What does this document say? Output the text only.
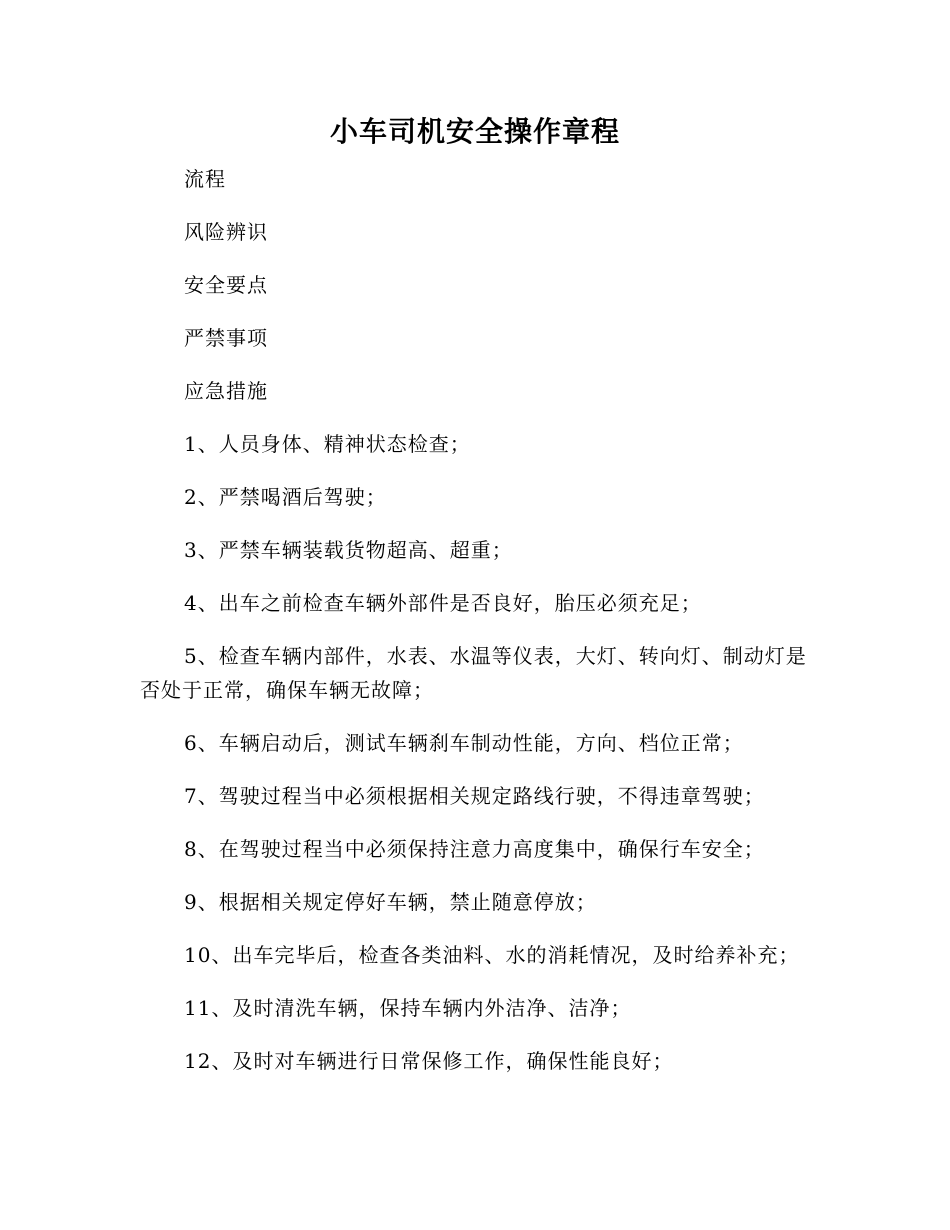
小车司机安全操作章程

流程

风险辨识

安全要点

严禁事项

应急措施

1、人员身体、精神状态检查；

2、严禁喝酒后驾驶；

3、严禁车辆装载货物超高、超重；

4、出车之前检查车辆外部件是否良好，胎压必须充足；

5、检查车辆内部件，水表、水温等仪表，大灯、转向灯、制动灯是否处于正常，确保车辆无故障；

6、车辆启动后，测试车辆刹车制动性能，方向、档位正常；

7、驾驶过程当中必须根据相关规定路线行驶，不得违章驾驶；

8、在驾驶过程当中必须保持注意力高度集中，确保行车安全；

9、根据相关规定停好车辆，禁止随意停放；

10、出车完毕后，检查各类油料、水的消耗情况，及时给养补充；

11、及时清洗车辆，保持车辆内外洁净、洁净；

12、及时对车辆进行日常保修工作，确保性能良好；
